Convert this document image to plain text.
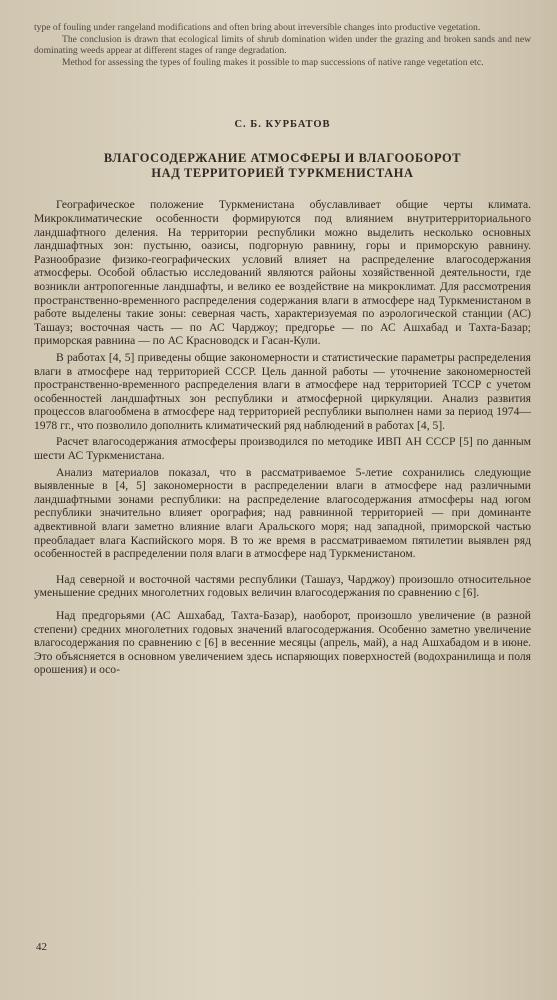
type of fouling under rangeland modifications and often bring about irreversible changes into productive vegetation.

The conclusion is drawn that ecological limits of shrub domination widen under the grazing and broken sands and new dominating weeds appear at different stages of range degradation.

Method for assessing the types of fouling makes it possible to map successions of native range vegetation etc.

С. Б. КУРБАТОВ
ВЛАГОСОДЕРЖАНИЕ АТМОСФЕРЫ И ВЛАГООБОРОТ
НАД ТЕРРИТОРИЕЙ ТУРКМЕНИСТАНА

Географическое положение Туркменистана обуславливает общие черты климата. Микроклиматические особенности формируются под влиянием внутритерриториального ландшафтного деления. На территории республики можно выделить несколько основных ландшафтных зон: пустыню, оазисы, подгорную равнину, горы и приморскую равнину. Разнообразие физико-географических условий влияет на распределение влагосодержания атмосферы. Особой областью исследований являются районы хозяйственной деятельности, где возникли антропогенные ландшафты, и велико ее воздействие на микроклимат. Для рассмотрения пространственно-временного распределения содержания влаги в атмосфере над Туркменистаном в работе выделены такие зоны: северная часть, характеризуемая по аэрологической станции (АС) Ташауз; восточная часть — по АС Чарджоу; предгорье — по АС Ашхабад и Тахта-Базар; приморская равнина — по АС Красноводск и Гасан-Кули.

В работах [4, 5] приведены общие закономерности и статистические параметры распределения влаги в атмосфере над территорией СССР. Цель данной работы — уточнение закономерностей пространственно-временного распределения влаги в атмосфере над территорией ТССР с учетом особенностей ландшафтных зон республики и атмосферной циркуляции. Анализ развития процессов влагообмена в атмосфере над территорией республики выполнен нами за период 1974—1978 гг., что позволило дополнить климатический ряд наблюдений в работах [4, 5].

Расчет влагосодержания атмосферы производился по методике ИВП АН СССР [5] по данным шести АС Туркменистана.

Анализ материалов показал, что в рассматриваемое 5-летие сохранились следующие выявленные в [4, 5] закономерности в распределении влаги в атмосфере над различными ландшафтными зонами республики: на распределение влагосодержания атмосферы над югом республики значительно влияет орография; над равнинной территорией — при доминанте адвективной влаги заметно влияние влаги Аральского моря; над западной, приморской частью преобладает влага Каспийского моря. В то же время в рассматриваемом пятилетии выявлен ряд особенностей в распределении поля влаги в атмосфере над Туркменистаном.

Над северной и восточной частями республики (Ташауз, Чарджоу) произошло относительное уменьшение средних многолетних годовых величин влагосодержания по сравнению с [6].

Над предгорьями (АС Ашхабад, Тахта-Базар), наоборот, произошло увеличение (в разной степени) средних многолетних годовых значений влагосодержания. Особенно заметно увеличение влагосодержания по сравнению с [6] в весенние месяцы (апрель, май), а над Ашхабадом и в июне. Это объясняется в основном увеличением здесь испаряющих поверхностей (водохранилища и поля орошения) и осо-

42
